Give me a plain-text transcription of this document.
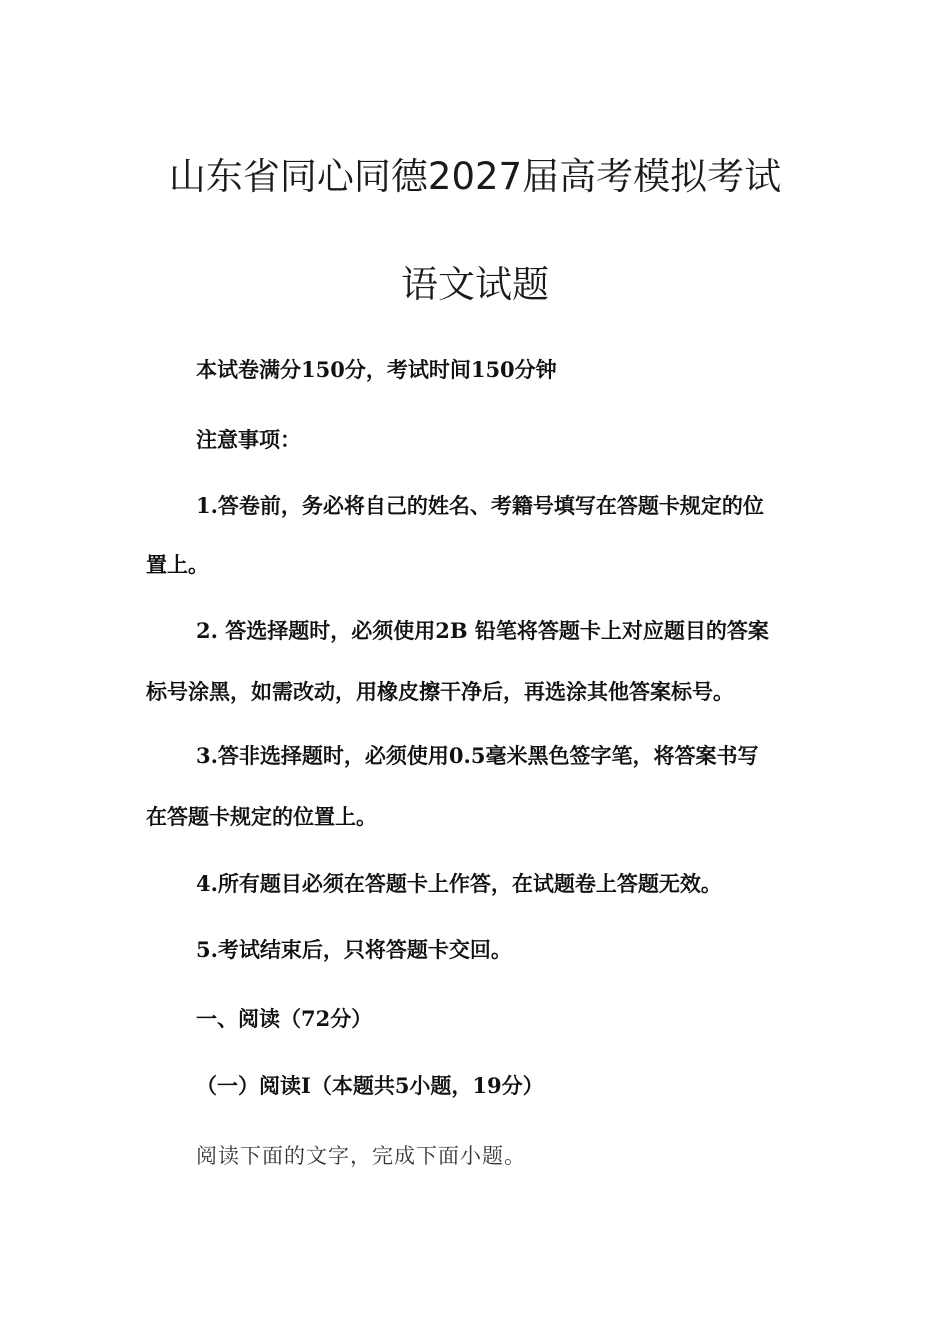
山东省同心同德2027届高考模拟考试
语文试题
本试卷满分150分，考试时间150分钟
注意事项：
1.答卷前，务必将自己的姓名、考籍号填写在答题卡规定的位
置上。
2. 答选择题时，必须使用2B 铅笔将答题卡上对应题目的答案
标号涂黑，如需改动，用橡皮擦干净后，再选涂其他答案标号。
3.答非选择题时，必须使用0.5毫米黑色签字笔，将答案书写
在答题卡规定的位置上。
4.所有题目必须在答题卡上作答，在试题卷上答题无效。
5.考试结束后，只将答题卡交回。
一、阅读（72分）
（一）阅读Ⅰ（本题共5小题，19分）
阅读下面的文字，完成下面小题。
